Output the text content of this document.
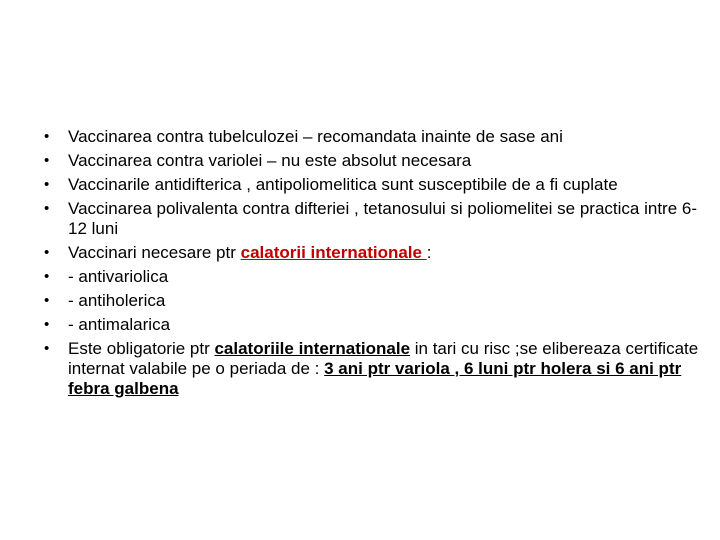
•	Vaccinarea contra tubelculozei – recomandata inainte de sase ani

•	Vaccinarea contra variolei – nu este absolut necesara

•	Vaccinarile antidifterica , antipoliomelitica sunt susceptibile de a fi cuplate

•	Vaccinarea polivalenta contra difteriei , tetanosului si poliomelitei se practica intre 6-12 luni

•	Vaccinari necesare ptr calatorii internationale :

•	- antivariolica

•	- antiholerica

•	- antimalarica

•	Este obligatorie ptr calatoriile internationale in tari cu risc ;se elibereaza certificate internat valabile pe o periada de : 3 ani ptr variola , 6 luni ptr holera si 6 ani ptr febra galbena
